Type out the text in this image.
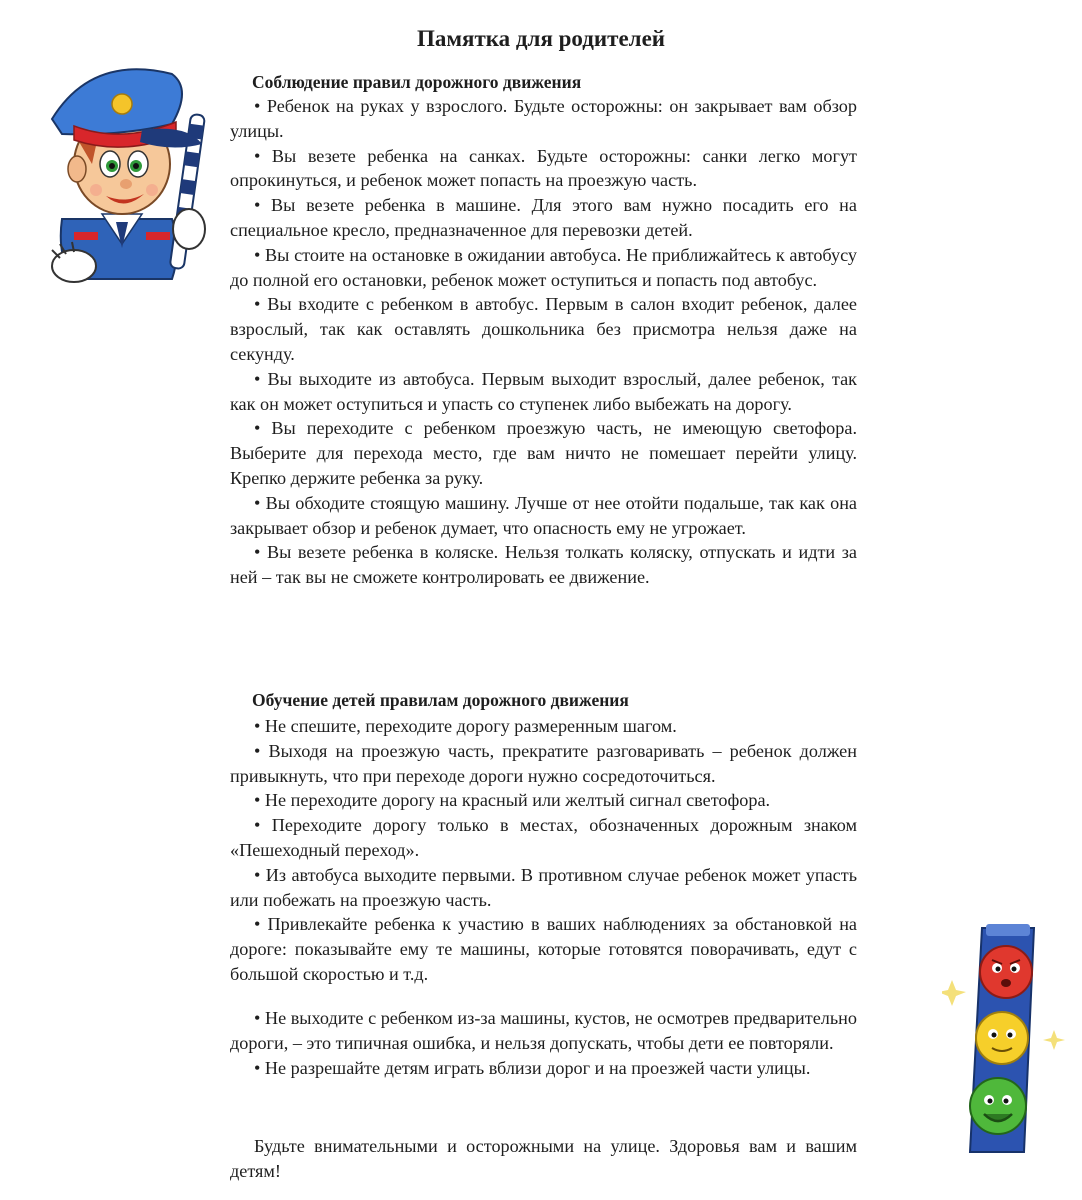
Памятка для родителей
Соблюдение правил дорожного движения

• Ребенок на руках у взрослого. Будьте осторожны: он закрывает вам обзор улицы.

• Вы везете ребенка на санках. Будьте осторожны: санки легко могут опрокинуться, и ребенок может попасть на проезжую часть.

• Вы везете ребенка в машине. Для этого вам нужно посадить его на специальное кресло, предназначенное для перевозки детей.

• Вы стоите на остановке в ожидании автобуса. Не приближайтесь к автобусу до полной его остановки, ребенок может оступиться и попасть под автобус.

• Вы входите с ребенком в автобус. Первым в салон входит ребенок, далее взрослый, так как оставлять дошкольника без присмотра нельзя даже на секунду.

• Вы выходите из автобуса. Первым выходит взрослый, далее ребенок, так как он может оступиться и упасть со ступенек либо выбежать на дорогу.

• Вы переходите с ребенком проезжую часть, не имеющую светофора. Выберите для перехода место, где вам ничто не помешает перейти улицу. Крепко держите ребенка за руку.

• Вы обходите стоящую машину. Лучше от нее отойти подальше, так как она закрывает обзор и ребенок думает, что опасность ему не угрожает.

• Вы везете ребенка в коляске. Нельзя толкать коляску, отпускать и идти за ней – так вы не сможете контролировать ее движение.

Обучение детей правилам дорожного движения

• Не спешите, переходите дорогу размеренным шагом.

• Выходя на проезжую часть, прекратите разговаривать – ребенок должен привыкнуть, что при переходе дороги нужно сосредоточиться.

• Не переходите дорогу на красный или желтый сигнал светофора.

• Переходите дорогу только в местах, обозначенных дорожным знаком «Пешеходный переход».

• Из автобуса выходите первыми. В противном случае ребенок может упасть или побежать на проезжую часть.

• Привлекайте ребенка к участию в ваших наблюдениях за обстановкой на дороге: показывайте ему те машины, которые готовятся поворачивать, едут с большой скоростью и т.д.

• Не выходите с ребенком из-за машины, кустов, не осмотрев предварительно дороги, – это типичная ошибка, и нельзя допускать, чтобы дети ее повторяли.

• Не разрешайте детям играть вблизи дорог и на проезжей части улицы.

Будьте внимательными и осторожными на улице. Здоровья вам и вашим детям!
